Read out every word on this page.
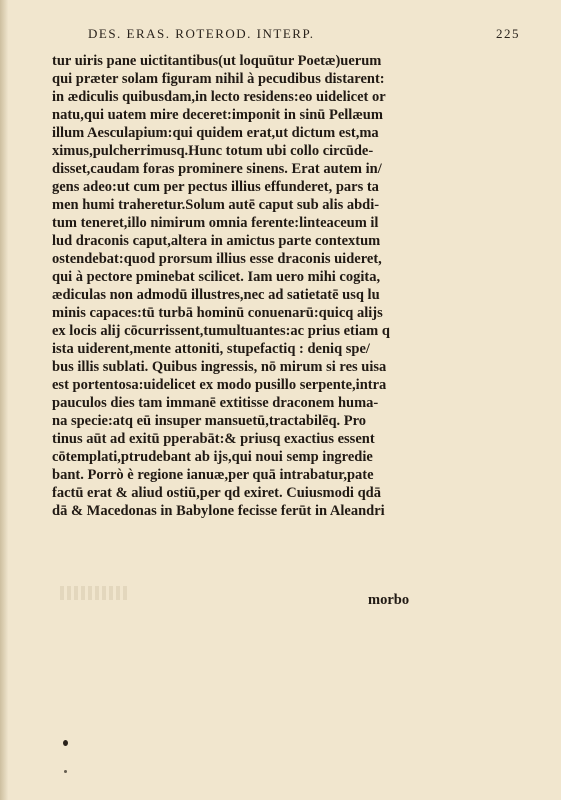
DES. ERAS. ROTEROD. INTERP.	225
tur uiris pane uictitantibus(ut loquūtur Poetæ)uerum
qui præter solam figuram nihil à pecudibus distarent:
in ædiculis quibusdam,in lecto residens:eo uidelicet or
natu,qui uatem mire deceret:imponit in sinū Pellæum
illum Aesculapium:qui quidem erat,ut dictum est,ma
ximus,pulcherrimusq.Hunc totum ubi collo circūde-
disset,caudam foras prominere sinens. Erat autem in/
gens adeo:ut cum per pectus illius effunderet, pars ta
men humi traheretur.Solum autē caput sub alis abdi-
tum teneret,illo nimirum omnia ferente:linteaceum il
lud draconis caput,altera in amictus parte contextum
ostendebat:quod prorsum illius esse draconis uideret,
qui à pectore pminebat scilicet. Iam uero mihi cogita,
ædiculas non admodū illustres,nec ad satietatē usq lu
minis capaces:tū turbā hominū conuenarū:quicq alijs
ex locis alij cōcurrissent,tumultuantes:ac prius etiam q
ista uiderent,mente attoniti, stupefactiq : deniq spe/
bus illis sublati. Quibus ingressis, nō mirum si res uisa
est portentosa:uidelicet ex modo pusillo serpente,intra
pauculos dies tam immanē extitisse draconem huma-
na specie:atq eū insuper mansuetū,tractabilēq. Pro
tinus aūt ad exitū pperabāt:& priusq exactius essent
cōtemplati,ptrudebant ab ijs,qui noui semp ingredie
bant. Porrò è regione ianuæ,per quā intrabatur,pate
factū erat & aliud ostiū,per qd exiret. Cuiusmodi qdā
dā & Macedonas in Babylone fecisse ferūt in Aleandri
morbo
